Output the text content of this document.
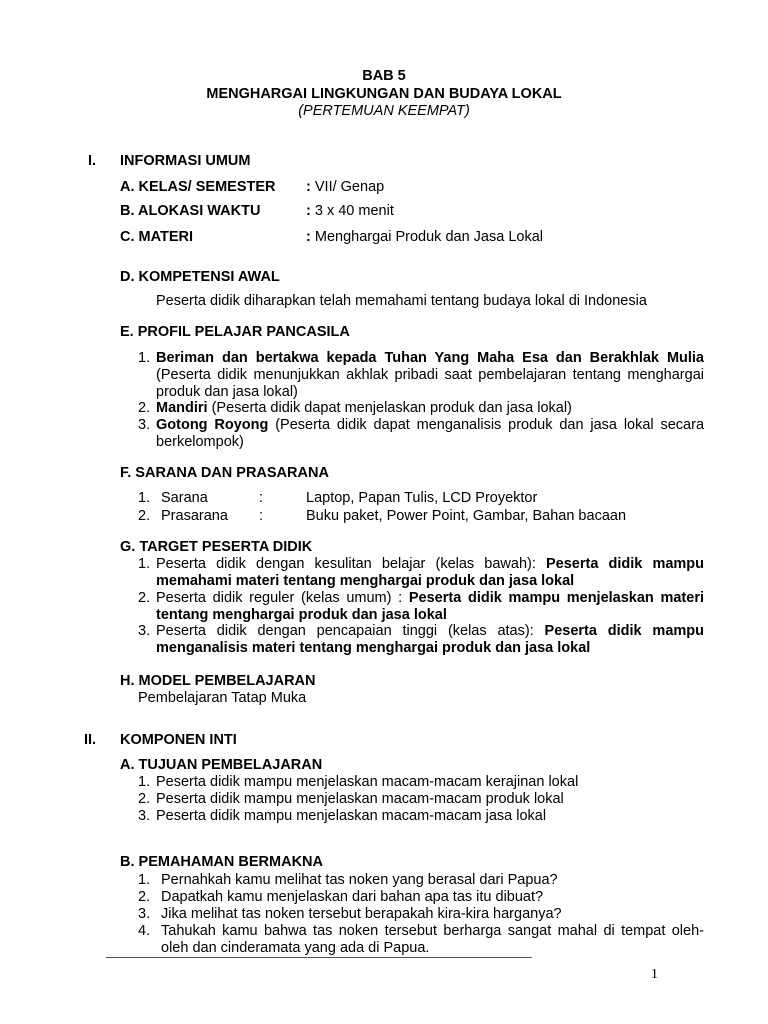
BAB 5
MENGHARGAI LINGKUNGAN DAN BUDAYA LOKAL
(PERTEMUAN KEEMPAT)
I. INFORMASI UMUM
A. KELAS/ SEMESTER : VII/ Genap
B. ALOKASI WAKTU	: 3 x 40 menit
C. MATERI	: Menghargai Produk dan Jasa Lokal
D. KOMPETENSI AWAL
Peserta didik diharapkan telah memahami tentang budaya lokal di Indonesia
E. PROFIL PELAJAR PANCASILA
1. Beriman dan bertakwa kepada Tuhan Yang Maha Esa dan Berakhlak Mulia (Peserta didik menunjukkan akhlak pribadi saat pembelajaran tentang menghargai produk dan jasa lokal)
2. Mandiri (Peserta didik dapat menjelaskan produk dan jasa lokal)
3. Gotong Royong (Peserta didik dapat menganalisis produk dan jasa lokal secara berkelompok)
F. SARANA DAN PRASARANA
1. Sarana	:	Laptop, Papan Tulis, LCD Proyektor
2. Prasarana :	Buku paket, Power Point, Gambar, Bahan bacaan
G. TARGET PESERTA DIDIK
1. Peserta didik dengan kesulitan belajar (kelas bawah): Peserta didik mampu memahami materi tentang menghargai produk dan jasa lokal
2. Peserta didik reguler (kelas umum) : Peserta didik mampu menjelaskan materi tentang menghargai produk dan jasa lokal
3. Peserta didik dengan pencapaian tinggi (kelas atas): Peserta didik mampu menganalisis materi tentang menghargai produk dan jasa lokal
H. MODEL PEMBELAJARAN
Pembelajaran Tatap Muka
II. KOMPONEN INTI
A. TUJUAN PEMBELAJARAN
1. Peserta didik mampu menjelaskan macam-macam kerajinan lokal
2. Peserta didik mampu menjelaskan macam-macam produk lokal
3. Peserta didik mampu menjelaskan macam-macam jasa lokal
B. PEMAHAMAN BERMAKNA
1. Pernahkah kamu melihat tas noken yang berasal dari Papua?
2. Dapatkah kamu menjelaskan dari bahan apa tas itu dibuat?
3. Jika melihat tas noken tersebut berapakah kira-kira harganya?
4. Tahukah kamu bahwa tas noken tersebut berharga sangat mahal di tempat oleh-oleh dan cinderamata yang ada di Papua.
1
